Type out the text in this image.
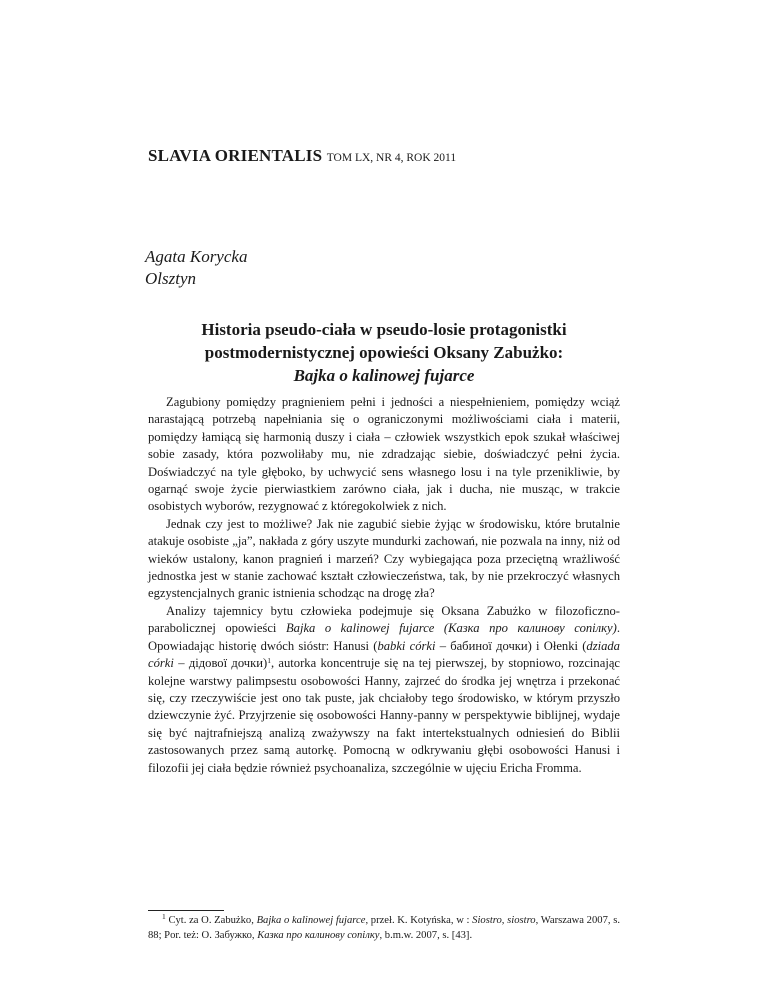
SLAVIA ORIENTALIS TOM LX, NR 4, ROK 2011
Agata Korycka
Olsztyn
Historia pseudo-ciała w pseudo-losie protagonistki
postmodernistycznej opowieści Oksany Zabużko:
Bajka o kalinowej fujarce

Zagubiony pomiędzy pragnieniem pełni i jedności a niespełnieniem, pomiędzy wciąż narastającą potrzebą napełniania się o ograniczonymi możliwościami ciała i materii, pomiędzy łamiącą się harmonią duszy i ciała – człowiek wszystkich epok szukał właściwej sobie zasady, która pozwoliłaby mu, nie zdradzając siebie, doświadczyć pełni życia. Doświadczyć na tyle głęboko, by uchwycić sens własnego losu i na tyle przenikliwie, by ogarnąć swoje życie pierwiastkiem zarówno ciała, jak i ducha, nie musząc, w trakcie osobistych wyborów, rezygnować z któregokolwiek z nich.

Jednak czy jest to możliwe? Jak nie zagubić siebie żyjąc w środowisku, które brutalnie atakuje osobiste „ja”, nakłada z góry uszyte mundurki zachowań, nie pozwala na inny, niż od wieków ustalony, kanon pragnień i marzeń? Czy wybiegająca poza przeciętną wrażliwość jednostka jest w stanie zachować kształt człowieczeństwa, tak, by nie przekroczyć własnych egzystencjalnych granic istnienia schodząc na drogę zła?

Analizy tajemnicy bytu człowieka podejmuje się Oksana Zabużko w filozoficzno-parabolicznej opowieści Bajka o kalinowej fujarce (Казка про калинову сопілку). Opowiadając historię dwóch sióstr: Hanusi (babki córki – бабиної дочки) i Ołenki (dziada córki – дідової дочки)$^1$, autorka koncentruje się na tej pierwszej, by stopniowo, rozcinając kolejne warstwy palimpsestu osobowości Hanny, zajrzeć do środka jej wnętrza i przekonać się, czy rzeczywiście jest ono tak puste, jak chciałoby tego środowisko, w którym przyszło dziewczynie żyć. Przyjrzenie się osobowości Hanny-panny w perspektywie biblijnej, wydaje się być najtrafniejszą analizą zważywszy na fakt intertekstualnych odniesień do Biblii zastosowanych przez samą autorkę. Pomocną w odkrywaniu głębi osobowości Hanusi i filozofii jej ciała będzie również psychoanaliza, szczególnie w ujęciu Ericha Fromma.

$^1$ Cyt. za O. Zabużko, Bajka o kalinowej fujarce, przeł. K. Kotyńska, w : Siostro, siostro, Warszawa 2007, s. 88; Por. też: О. Забужко, Казка про калинову сопілку, b.m.w. 2007, s. [43].
